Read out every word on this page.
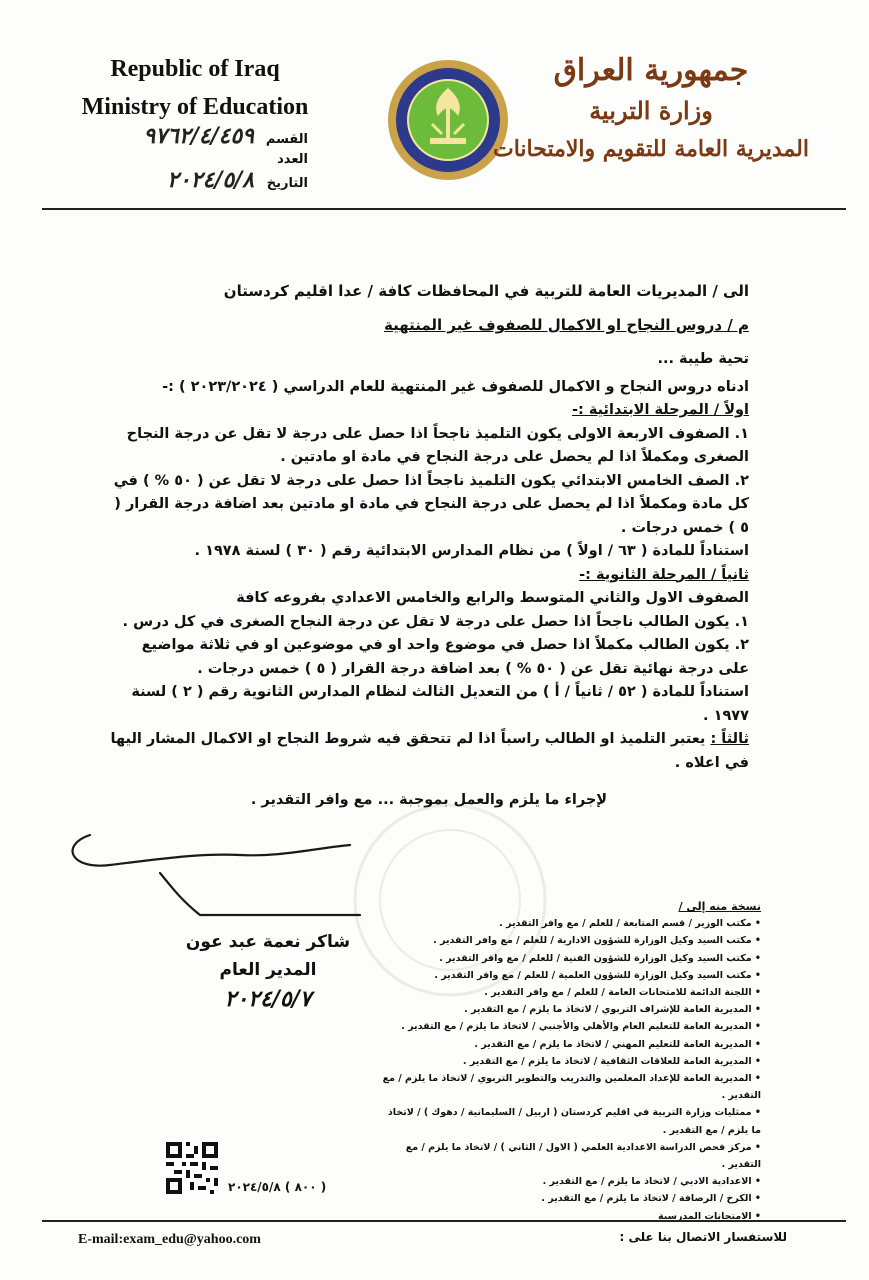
Republic of Iraq
Ministry of Education
القسم
٩٧٦٢/٤/٤٥٩
العدد
التاريخ
٢٠٢٤/٥/٨
جمهورية العراق
وزارة التربية
المديرية العامة للتقويم والامتحانات
الى / المديريات العامة للتربية في المحافظات كافة / عدا اقليم كردستان
م / دروس النجاح او الاكمال للصفوف غير المنتهية

تحية طيبة ...

ادناه دروس النجاح و الاكمال للصفوف غير المنتهية للعام الدراسي ( ٢٠٢٣/٢٠٢٤ ) :-

اولاً / المرحلة الابتدائية :-

١. الصفوف الاربعة الاولى يكون التلميذ ناجحاً اذا حصل على درجة لا تقل عن درجة النجاح الصغرى ومكملاً اذا لم يحصل على درجة النجاح في مادة او مادتين .

٢. الصف الخامس الابتدائي يكون التلميذ ناجحاً اذا حصل على درجة لا تقل عن ( ٥٠ % ) في كل مادة ومكملاً اذا لم يحصل على درجة النجاح في مادة او مادتين بعد اضافة درجة القرار ( ٥ ) خمس درجات .

استناداً للمادة ( ٦٣ / اولاً ) من نظام المدارس الابتدائية رقم ( ٣٠ ) لسنة ١٩٧٨ .

ثانياً / المرحلة الثانوية :-

الصفوف الاول والثاني المتوسط والرابع والخامس الاعدادي بفروعه كافة

١. يكون الطالب ناجحاً اذا حصل على درجة لا تقل عن درجة النجاح الصغرى في كل درس .

٢. يكون الطالب مكملاً اذا حصل في موضوع واحد او في موضوعين او في ثلاثة مواضيع على درجة نهائية تقل عن ( ٥٠ % ) بعد اضافة درجة القرار ( ٥ ) خمس درجات .

استناداً للمادة ( ٥٢ / ثانياً / أ ) من التعديل الثالث لنظام المدارس الثانوية رقم ( ٢ ) لسنة ١٩٧٧ .

ثالثاً : يعتبر التلميذ او الطالب راسباً اذا لم تتحقق فيه شروط النجاح او الاكمال المشار اليها في اعلاه .

لإجراء ما يلزم والعمل بموجبة ... مع وافر التقدير .

شاكر نعمة عبد عون
المدير العام
٢٠٢٤/٥/٧
نسخة منه إلى /
• مكتب الوزير / قسم المتابعة / للعلم / مع وافر التقدير .
• مكتب السيد وكيل الوزارة للشؤون الادارية / للعلم / مع وافر التقدير .
• مكتب السيد وكيل الوزارة للشؤون الفنية / للعلم / مع وافر التقدير .
• مكتب السيد وكيل الوزارة للشؤون العلمية / للعلم / مع وافر التقدير .
• اللجنة الدائمة للامتحانات العامة / للعلم / مع وافر التقدير .
• المديرية العامة للإشراف التربوي / لاتخاذ ما يلزم / مع التقدير .
• المديرية العامة للتعليم العام والأهلي والأجنبي / لاتخاذ ما يلزم / مع التقدير .
• المديرية العامة للتعليم المهني / لاتخاذ ما يلزم / مع التقدير .
• المديرية العامة للعلاقات الثقافية / لاتخاذ ما يلزم / مع التقدير .
• المديرية العامة للإعداد المعلمين والتدريب والتطوير التربوي / لاتخاذ ما يلزم / مع التقدير .
• ممثليات وزارة التربية في اقليم كردستان ( اربيل / السليمانية / دهوك ) / لاتخاذ ما يلزم / مع التقدير .
• مركز فحص الدراسة الاعدادية العلمي ( الاول / الثاني ) / لاتخاذ ما يلزم / مع التقدير .
• الاعدادية الادبي / لاتخاذ ما يلزم / مع التقدير .
• الكرخ / الرصافة / لاتخاذ ما يلزم / مع التقدير .
• الامتحانات المدرسية
( ٨٠٠ ) ٢٠٢٤/٥/٨
E-mail:exam_edu@yahoo.com	للاستفسار الاتصال بنا على :
